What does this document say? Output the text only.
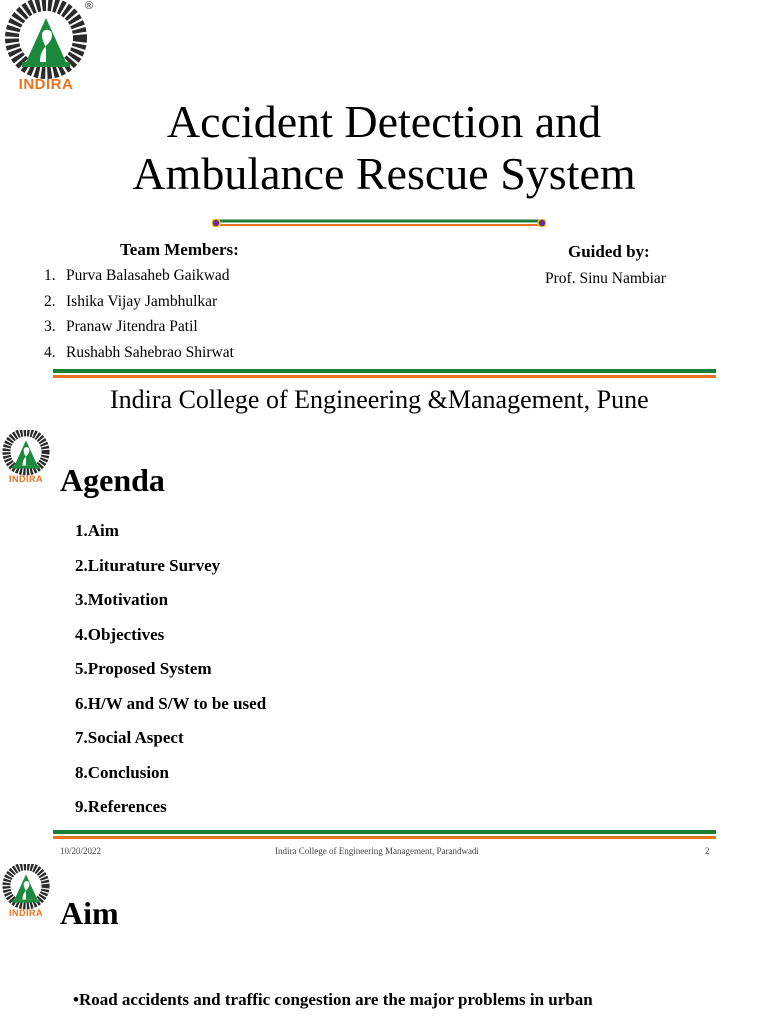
INDIRA
®
Accident Detection and
Ambulance Rescue System
Team Members:
1. Purva Balasaheb Gaikwad
2. Ishika Vijay Jambhulkar
3. Pranaw Jitendra Patil
4. Rushabh Sahebrao Shirwat
Guided by:
Prof. Sinu Nambiar
Indira College of Engineering &Management, Pune
INDIRA Agenda
1.Aim
2.Liturature Survey
3.Motivation
4.Objectives
5.Proposed System
6.H/W and S/W to be used
7.Social Aspect
8.Conclusion
9.References
10/20/2022	Indira College of Engineering Management, Parandwadi	2
INDIRA Aim
•Road accidents and traffic congestion are the major problems in urban
